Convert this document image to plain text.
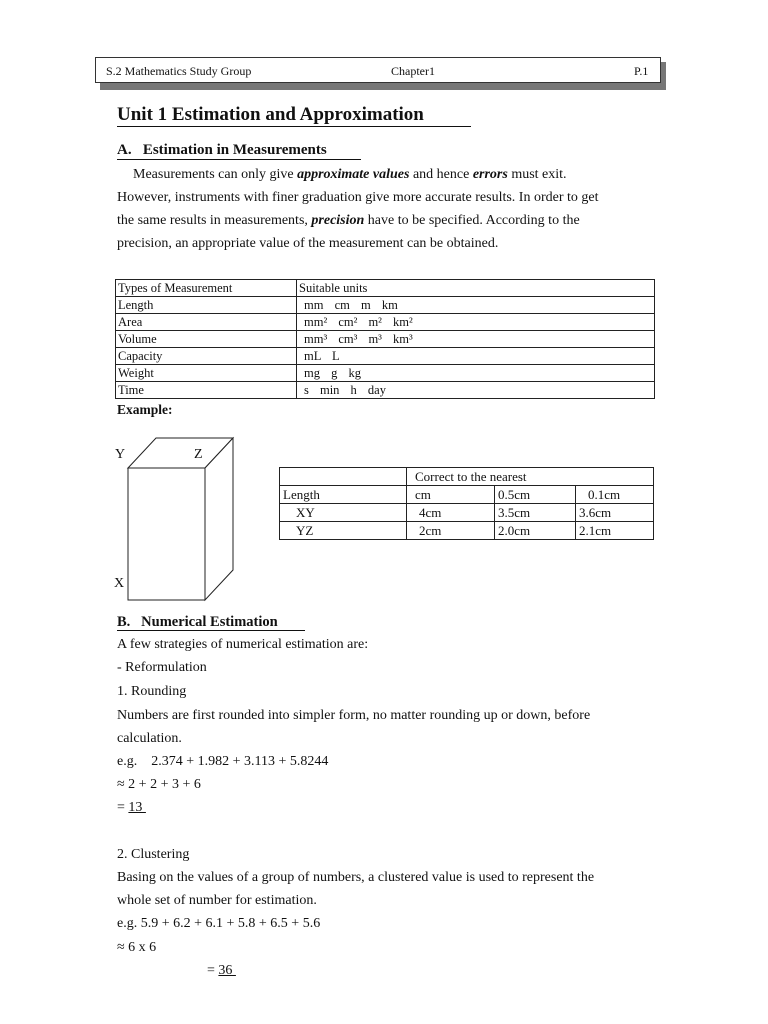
S.2 Mathematics Study Group	Chapter1	P.1
Unit 1 Estimation and Approximation
A.   Estimation in Measurements
Measurements can only give approximate values and hence errors must exit.
However, instruments with finer graduation give more accurate results. In order to get
the same results in measurements, precision have to be specified. According to the
precision, an appropriate value of the measurement can be obtained.
Types of Measurement	Suitable units
Length	mm cm m km
Area	mm² cm² m² km²
Volume	mm³ cm³ m³ km³
Capacity	mL L
Weight	mg g kg
Time	s min h day
Example:
Y	Z
X
	Correct to the nearest		
Length	cm	0.5cm	0.1cm
XY	4cm	3.5cm	3.6cm
YZ	2cm	2.0cm	2.1cm
B.   Numerical Estimation
A few strategies of numerical estimation are:
- Reformulation
1. Rounding
Numbers are first rounded into simpler form, no matter rounding up or down, before
calculation.
e.g.    2.374 + 1.982 + 3.113 + 5.8244
≈ 2 + 2 + 3 + 6
= 13
2. Clustering
Basing on the values of a group of numbers, a clustered value is used to represent the
whole set of number for estimation.
e.g. 5.9 + 6.2 + 6.1 + 5.8 + 6.5 + 5.6
≈ 6 x 6
= 36
